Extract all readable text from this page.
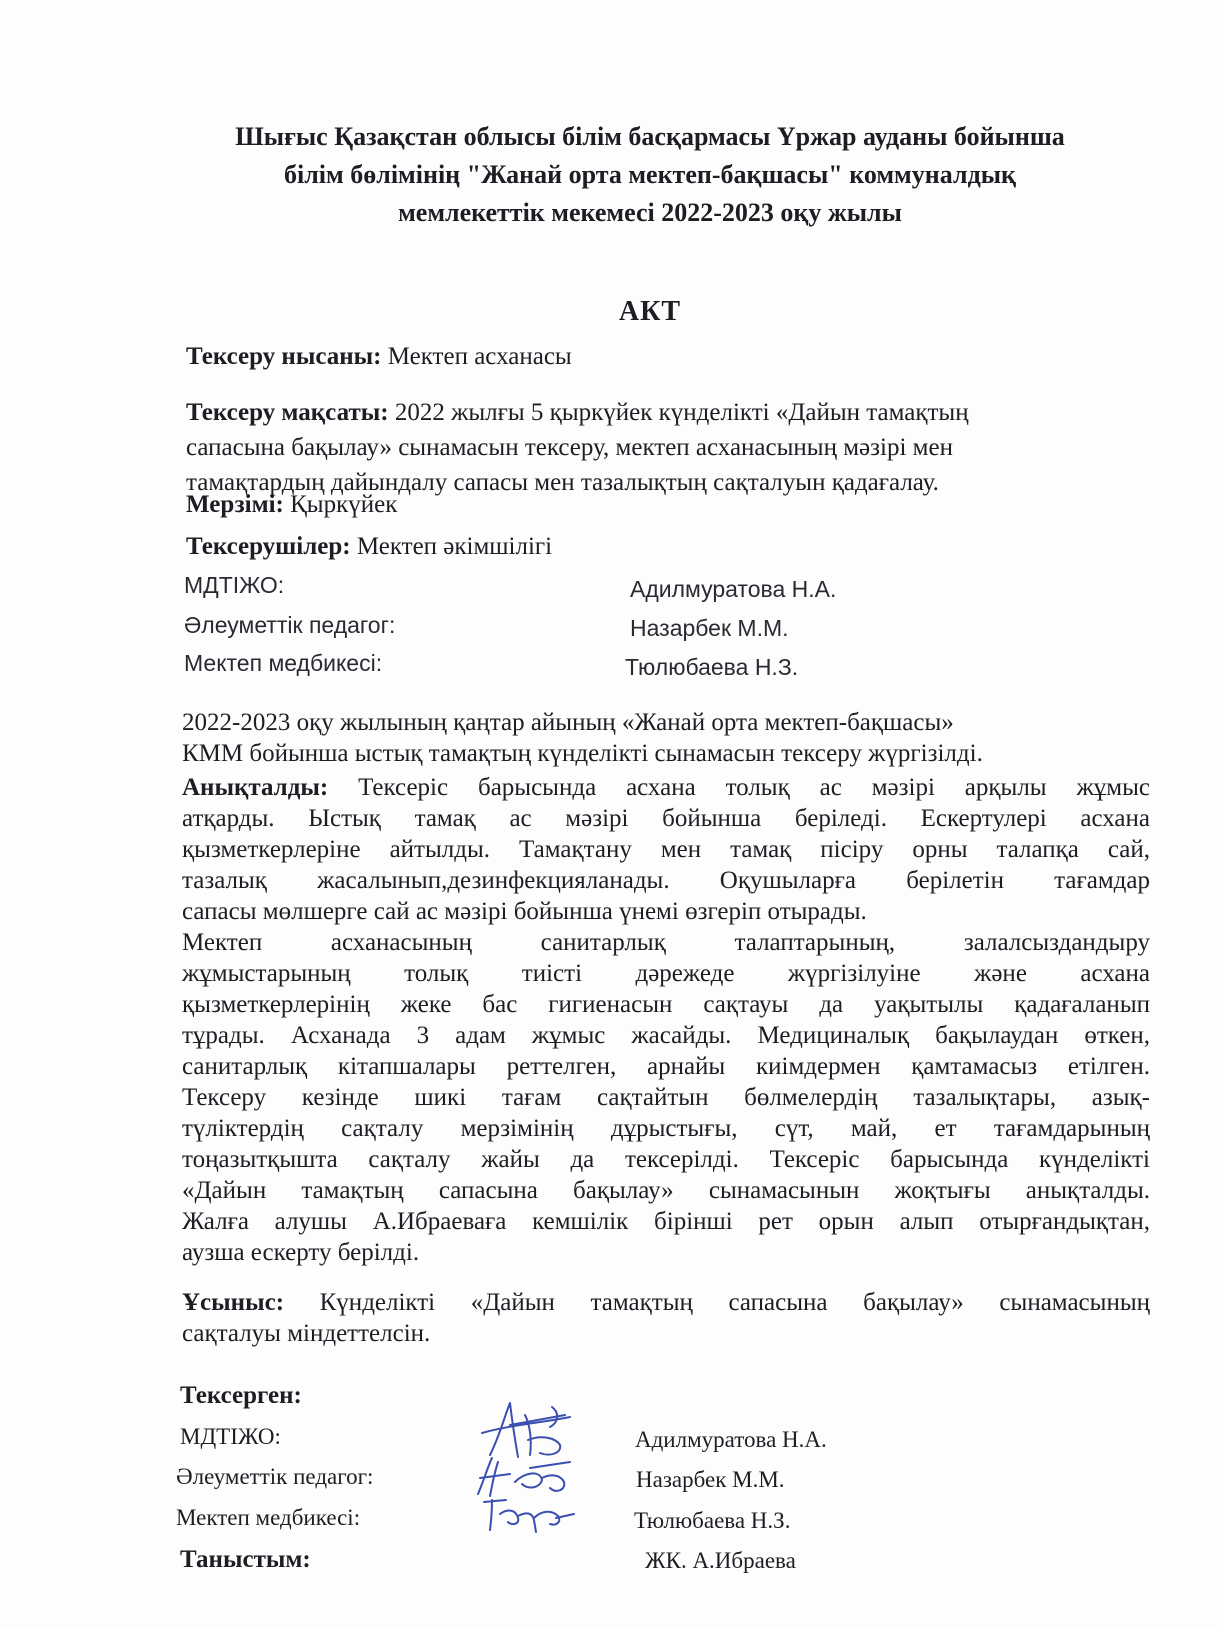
Шығыс Қазақстан облысы білім басқармасы Үржар ауданы бойынша
білім бөлімінің "Жанай орта мектеп-бақшасы" коммуналдық
мемлекеттік мекемесі 2022-2023 оқу жылы
АКТ
Тексеру нысаны: Мектеп асханасы
Тексеру мақсаты: 2022 жылғы 5 қыркүйек күнделікті «Дайын тамақтың
сапасына бақылау» сынамасын тексеру, мектеп асханасының мәзірі мен
тамақтардың дайындалу сапасы мен тазалықтың сақталуын қадағалау.
Мерзімі: Қыркүйек
Тексерушілер: Мектеп әкімшілігі
МДТІЖО:	Адилмуратова Н.А.
Әлеуметтік педагог:	Назарбек М.М.
Мектеп медбикесі:	Тюлюбаева Н.З.
2022-2023 оқу жылының қаңтар айының «Жанай орта мектеп-бақшасы»
КММ бойынша ыстық тамақтың күнделікті сынамасын тексеру жүргізілді.
Анықталды: Тексеріс барысында асхана толық ас мәзірі арқылы жұмыс
атқарды. Ыстық тамақ ас мәзірі бойынша беріледі. Ескертулері асхана
қызметкерлеріне айтылды. Тамақтану мен тамақ пісіру орны талапқа сай,
тазалық жасалынып,дезинфекцияланады. Оқушыларға берілетін тағамдар
сапасы мөлшерге сай ас мәзірі бойынша үнемі өзгеріп отырады.
Мектеп асханасының санитарлық талаптарының, залалсыздандыру
жұмыстарының толық тиісті дәрежеде жүргізілуіне және асхана
қызметкерлерінің жеке бас гигиенасын сақтауы да уақытылы қадағаланып
тұрады. Асханада 3 адам жұмыс жасайды. Медициналық бақылаудан өткен,
санитарлық кітапшалары реттелген, арнайы киімдермен қамтамасыз етілген.
Тексеру кезінде шикі тағам сақтайтын бөлмелердің тазалықтары, азық-
түліктердің сақталу мерзімінің дұрыстығы, сүт, май, ет тағамдарының
тоңазытқышта сақталу жайы да тексерілді. Тексеріс барысында күнделікті
«Дайын тамақтың сапасына бақылау» сынамасынын жоқтығы анықталды.
Жалға алушы А.Ибраеваға кемшілік бірінші рет орын алып отырғандықтан,
аузша ескерту берілді.
Ұсыныс: Күнделікті «Дайын тамақтың сапасына бақылау» сынамасының
сақталуы міндеттелсін.
Тексерген:
МДТІЖО:	Адилмуратова Н.А.
Әлеуметтік педагог:	Назарбек М.М.
Мектеп медбикесі:	Тюлюбаева Н.З.
Таныстым:	ЖК. А.Ибраева
